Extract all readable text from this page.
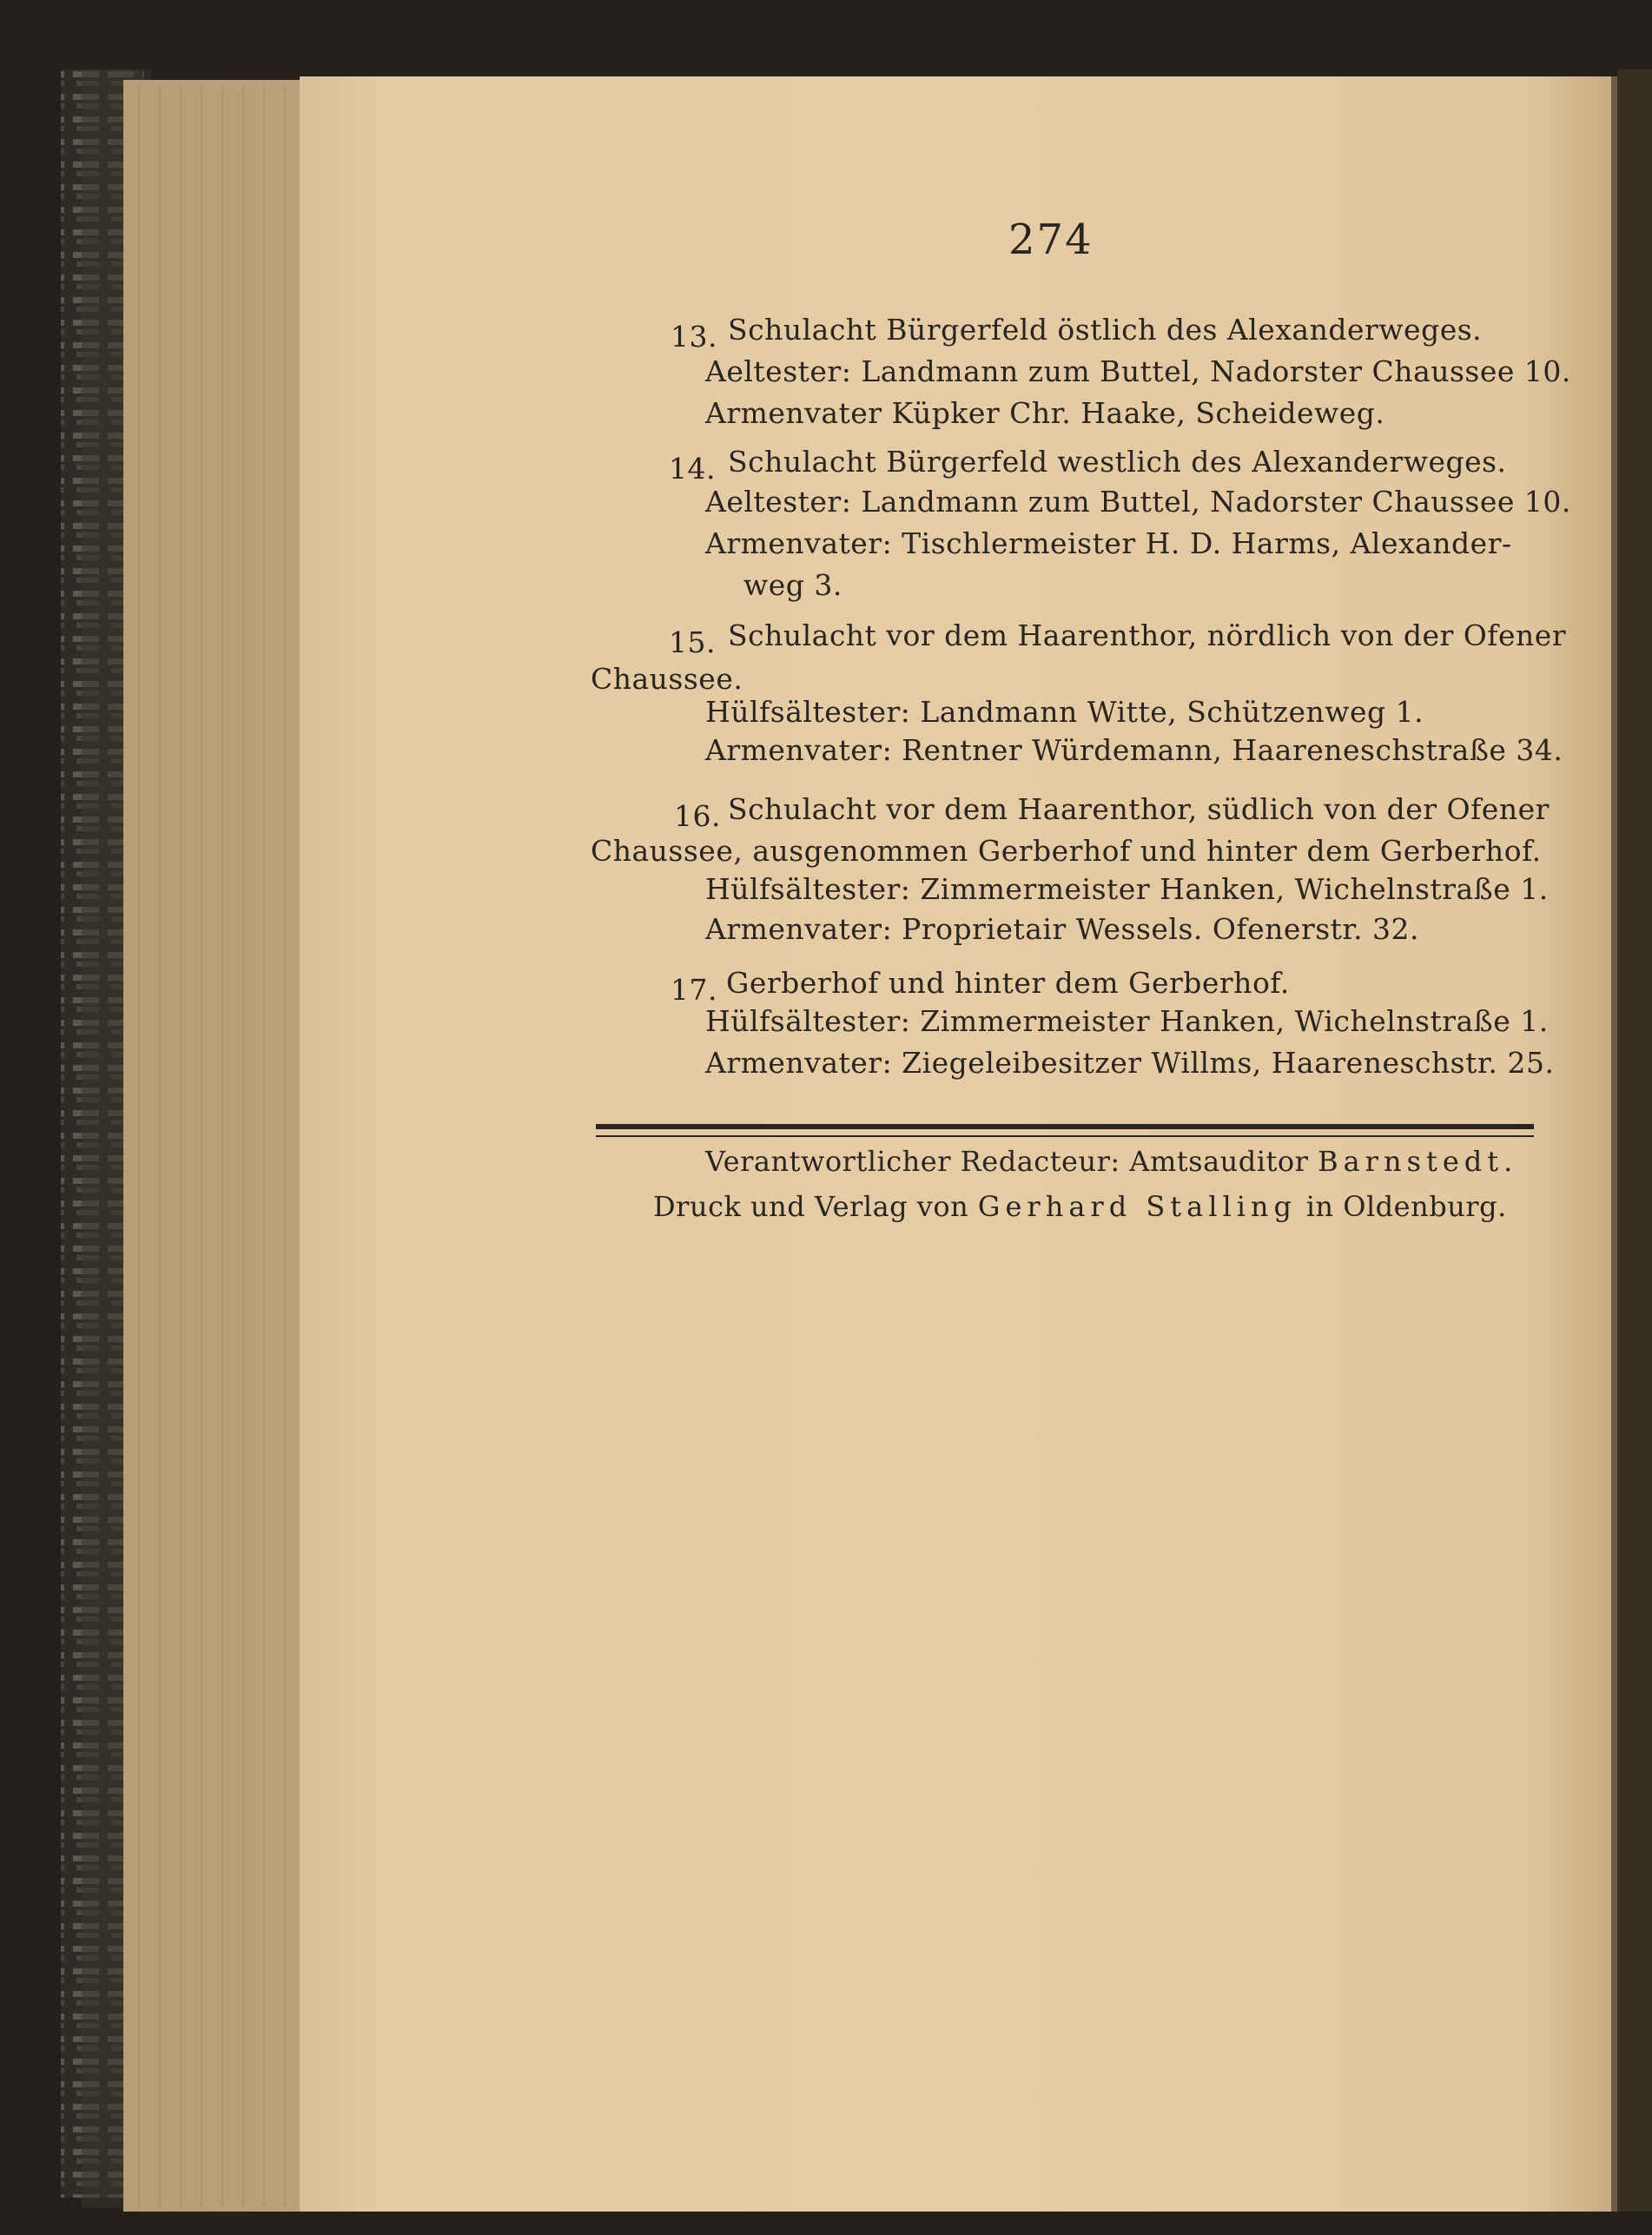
274
13. Schulacht Bürgerfeld östlich des Alexanderweges.
Aeltester: Landmann zum Buttel, Nadorster Chaussee 10.
Armenvater Küpker Chr. Haake, Scheideweg.
14. Schulacht Bürgerfeld westlich des Alexanderweges.
Aeltester: Landmann zum Buttel, Nadorster Chaussee 10.
Armenvater: Tischlermeister H. D. Harms, Alexander-
weg 3.
15. Schulacht vor dem Haarenthor, nördlich von der Ofener
Chaussee.
Hülfsältester: Landmann Witte, Schützenweg 1.
Armenvater: Rentner Würdemann, Haareneschstraße 34.
16. Schulacht vor dem Haarenthor, südlich von der Ofener
Chaussee, ausgenommen Gerberhof und hinter dem Gerberhof.
Hülfsältester: Zimmermeister Hanken, Wichelnstraße 1.
Armenvater: Proprietair Wessels. Ofenerstr. 32.
17. Gerberhof und hinter dem Gerberhof.
Hülfsältester: Zimmermeister Hanken, Wichelnstraße 1.
Armenvater: Ziegeleibesitzer Willms, Haareneschstr. 25.
Verantwortlicher Redacteur: Amtsauditor Barnstedt.
Druck und Verlag von Gerhard Stalling in Oldenburg.
